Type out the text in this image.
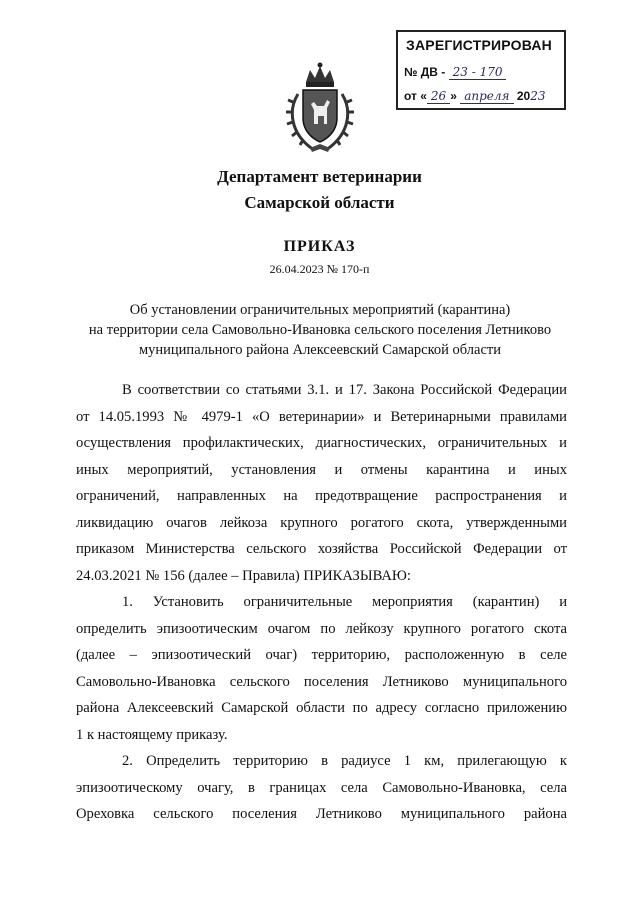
ЗАРЕГИСТРИРОВАН
№ ДВ - 23 - 170
от « 26 » апреля 2023
Департамент ветеринарии
Самарской области
ПРИКАЗ
26.04.2023 № 170-п
Об установлении ограничительных мероприятий (карантина)
на территории села Самовольно-Ивановка сельского поселения Летниково
муниципального района Алексеевский Самарской области
В соответствии со статьями 3.1. и 17. Закона Российской Федерации
от 14.05.1993 № 4979-1 «О ветеринарии» и Ветеринарными правилами
осуществления профилактических, диагностических, ограничительных и
иных мероприятий, установления и отмены карантина и иных
ограничений, направленных на предотвращение распространения и
ликвидацию очагов лейкоза крупного рогатого скота, утвержденными
приказом Министерства сельского хозяйства Российской Федерации от
24.03.2021 № 156 (далее – Правила) ПРИКАЗЫВАЮ:
1. Установить ограничительные мероприятия (карантин) и
определить эпизоотическим очагом по лейкозу крупного рогатого скота
(далее – эпизоотический очаг) территорию, расположенную в селе
Самовольно-Ивановка сельского поселения Летниково муниципального
района Алексеевский Самарской области по адресу согласно приложению
1 к настоящему приказу.
2. Определить территорию в радиусе 1 км, прилегающую к
эпизоотическому очагу, в границах села Самовольно-Ивановка, села
Ореховка сельского поселения Летниково муниципального района
